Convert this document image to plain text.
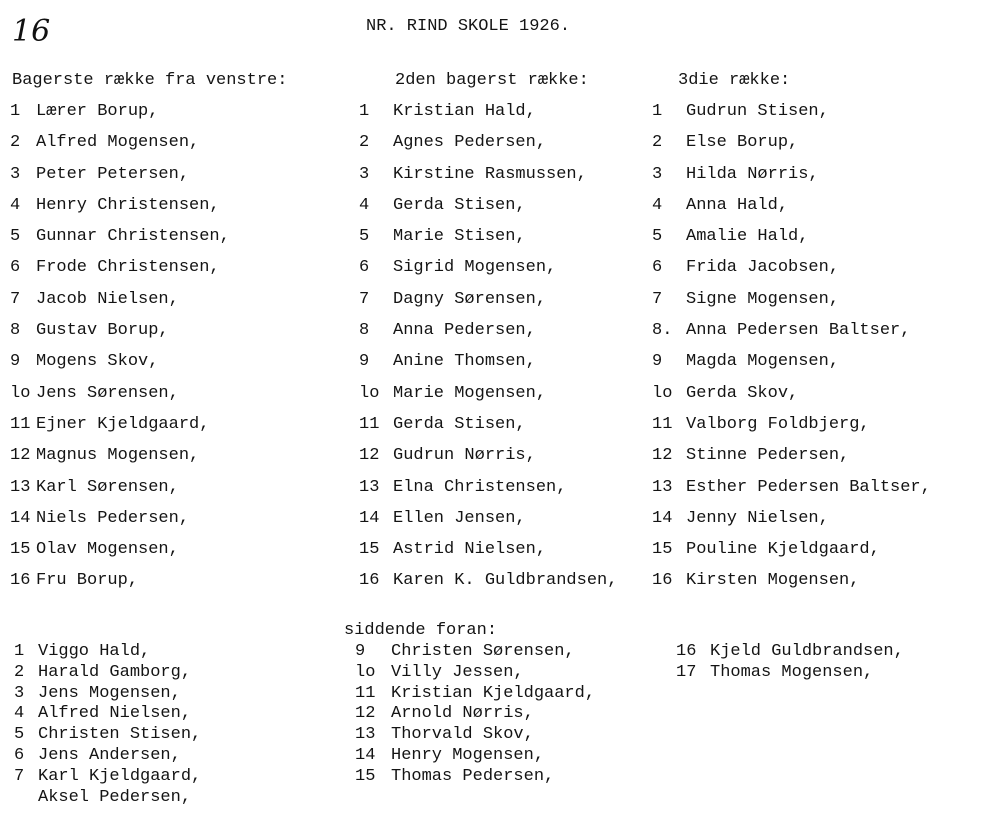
16	NR. RIND SKOLE 1926.
Bagerste række fra venstre:
1 Lærer Borup,
2 Alfred Mogensen,
3 Peter Petersen,
4 Henry Christensen,
5 Gunnar Christensen,
6 Frode Christensen,
7 Jacob Nielsen,
8 Gustav Borup,
9 Mogens Skov,
lo Jens Sørensen,
11 Ejner Kjeldgaard,
12 Magnus Mogensen,
13 Karl Sørensen,
14 Niels Pedersen,
15 Olav Mogensen,
16 Fru Borup,
2den bagerst række:
1	Kristian Hald,
2	Agnes Pedersen,
3	Kirstine Rasmussen,
4	Gerda Stisen,
5	Marie Stisen,
6	Sigrid Mogensen,
7	Dagny Sørensen,
8	Anna Pedersen,
9	Anine Thomsen,
lo Marie Mogensen,
11 Gerda Stisen,
12 Gudrun Nørris,
13 Elna Christensen,
14 Ellen Jensen,
15 Astrid Nielsen,
16 Karen K. Guldbrandsen,
3die række:
1	Gudrun Stisen,
2	Else Borup,
3	Hilda Nørris,
4	Anna Hald,
5	Amalie Hald,
6	Frida Jacobsen,
7	Signe Mogensen,
8. Anna Pedersen Baltser,
9	Magda Mogensen,
lo Gerda Skov,
11 Valborg Foldbjerg,
12 Stinne Pedersen,
13 Esther Pedersen Baltser,
14 Jenny Nielsen,
15 Pouline Kjeldgaard,
16 Kirsten Mogensen,
siddende foran:
1 Viggo Hald,
2 Harald Gamborg,
3 Jens Mogensen,
4 Alfred Nielsen,
5 Christen Stisen,
6 Jens Andersen,
7 Karl Kjeldgaard,
Aksel Pedersen,
9	Christen Sørensen,
lo Villy Jessen,
11 Kristian Kjeldgaard,
12 Arnold Nørris,
13 Thorvald Skov,
14 Henry Mogensen,
15 Thomas Pedersen,
16 Kjeld Guldbrandsen,
17 Thomas Mogensen,
